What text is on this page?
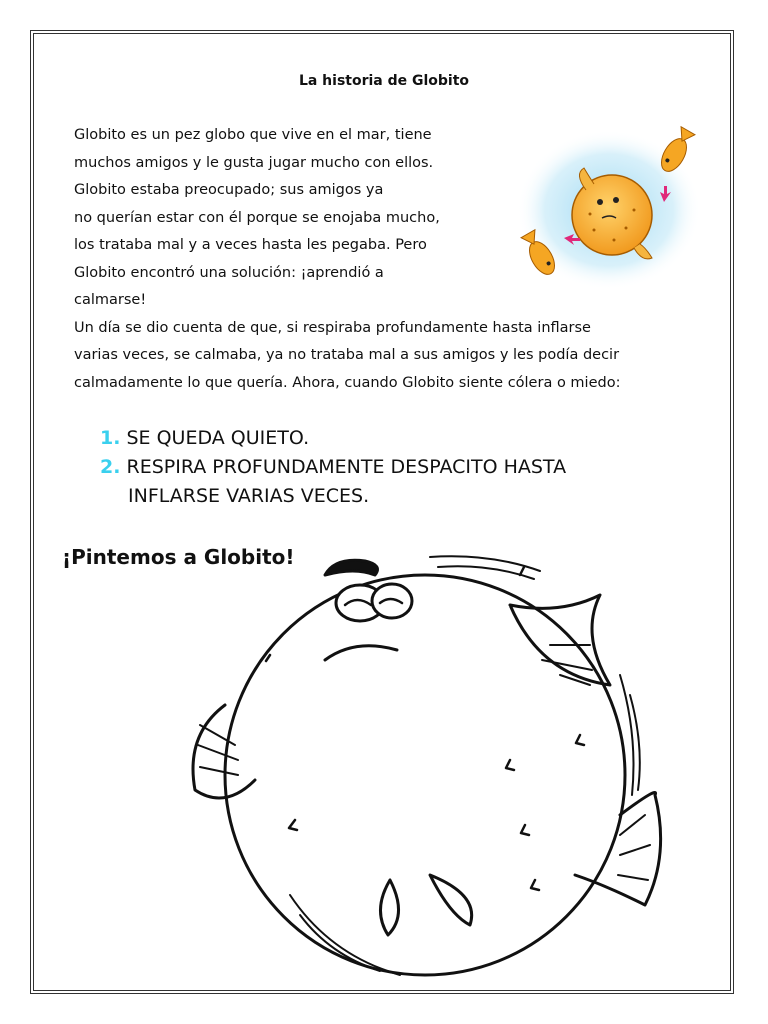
La historia de Globito
Globito es un pez globo que vive en el mar, tiene
muchos amigos y le gusta jugar mucho con ellos.
Globito estaba preocupado; sus amigos ya
no querían estar con él porque se enojaba mucho,
los trataba mal y a veces hasta les pegaba. Pero
Globito encontró una solución: ¡aprendió a
calmarse!
Un día se dio cuenta de que, si respiraba profundamente hasta inflarse
varias veces, se calmaba, ya no trataba mal a sus amigos y les podía decir
calmadamente lo que quería. Ahora, cuando Globito siente cólera o miedo:
1. SE QUEDA QUIETO.
2. RESPIRA PROFUNDAMENTE DESPACITO HASTA
INFLARSE VARIAS VECES.
¡Pintemos a Globito!
